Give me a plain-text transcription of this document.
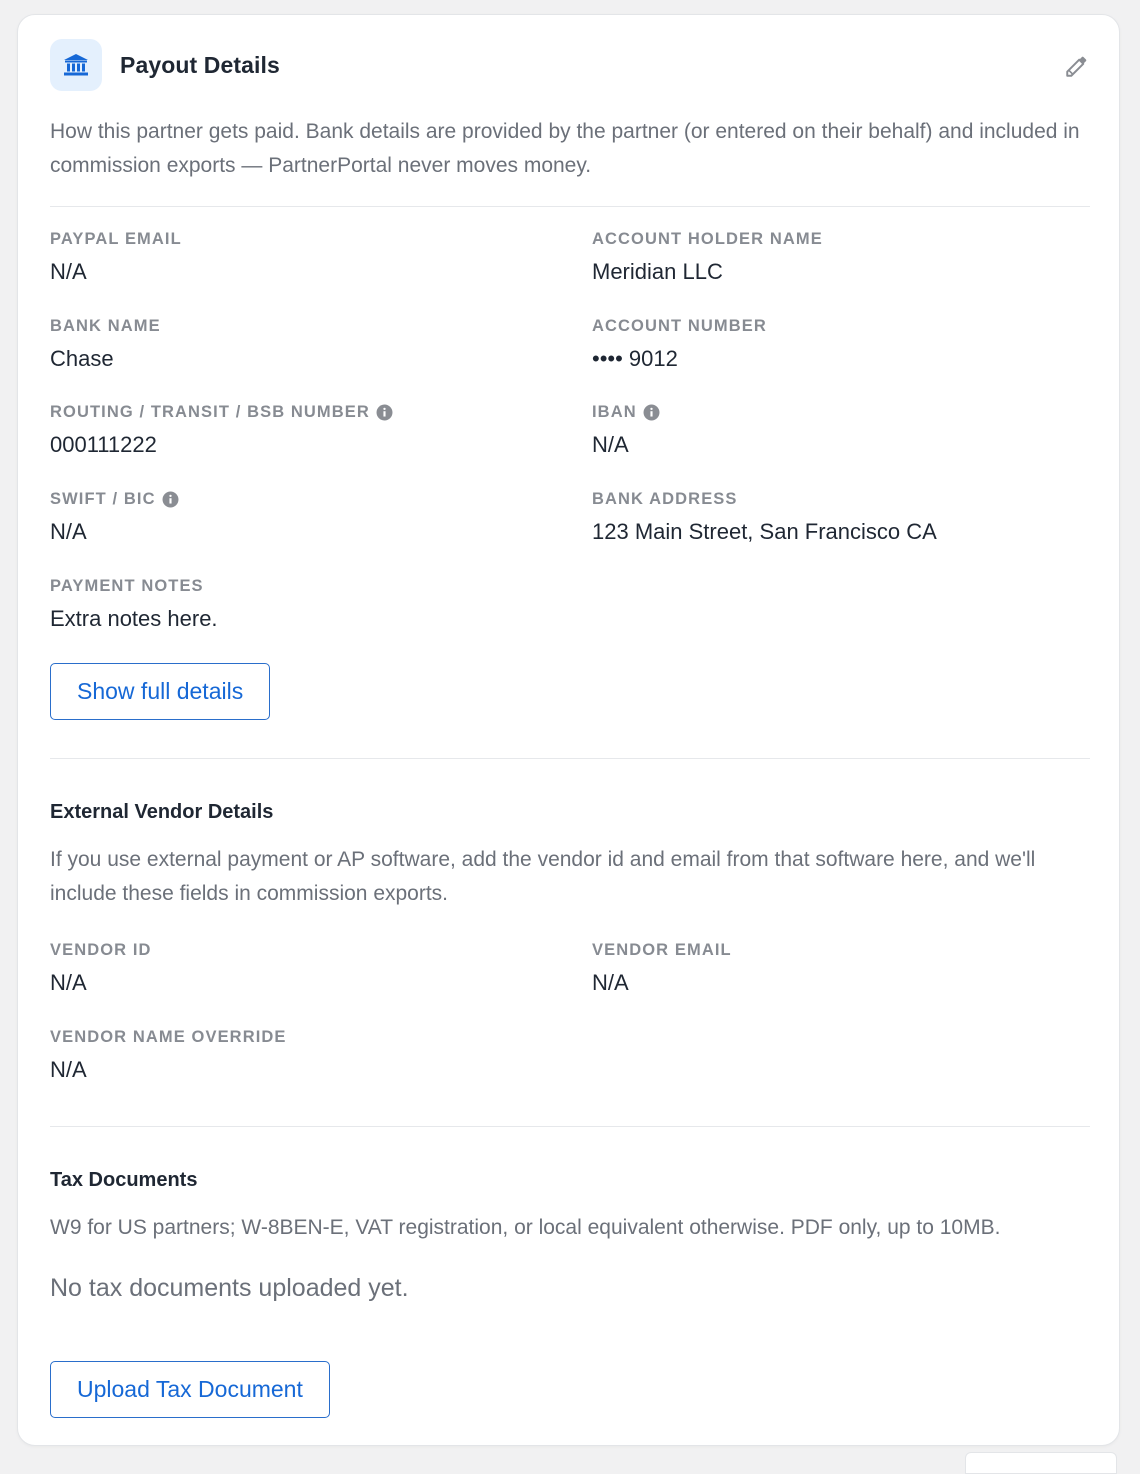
Payout Details
How this partner gets paid. Bank details are provided by the partner (or entered on their behalf) and included in commission exports — PartnerPortal never moves money.
PAYPAL EMAIL
N/A
ACCOUNT HOLDER NAME
Meridian LLC
BANK NAME
Chase
ACCOUNT NUMBER
•••• 9012
ROUTING / TRANSIT / BSB NUMBER
000111222
IBAN
N/A
SWIFT / BIC
N/A
BANK ADDRESS
123 Main Street, San Francisco CA
PAYMENT NOTES
Extra notes here.
Show full details
External Vendor Details
If you use external payment or AP software, add the vendor id and email from that software here, and we'll include these fields in commission exports.
VENDOR ID
N/A
VENDOR EMAIL
N/A
VENDOR NAME OVERRIDE
N/A
Tax Documents
W9 for US partners; W-8BEN-E, VAT registration, or local equivalent otherwise. PDF only, up to 10MB.
No tax documents uploaded yet.
Upload Tax Document
